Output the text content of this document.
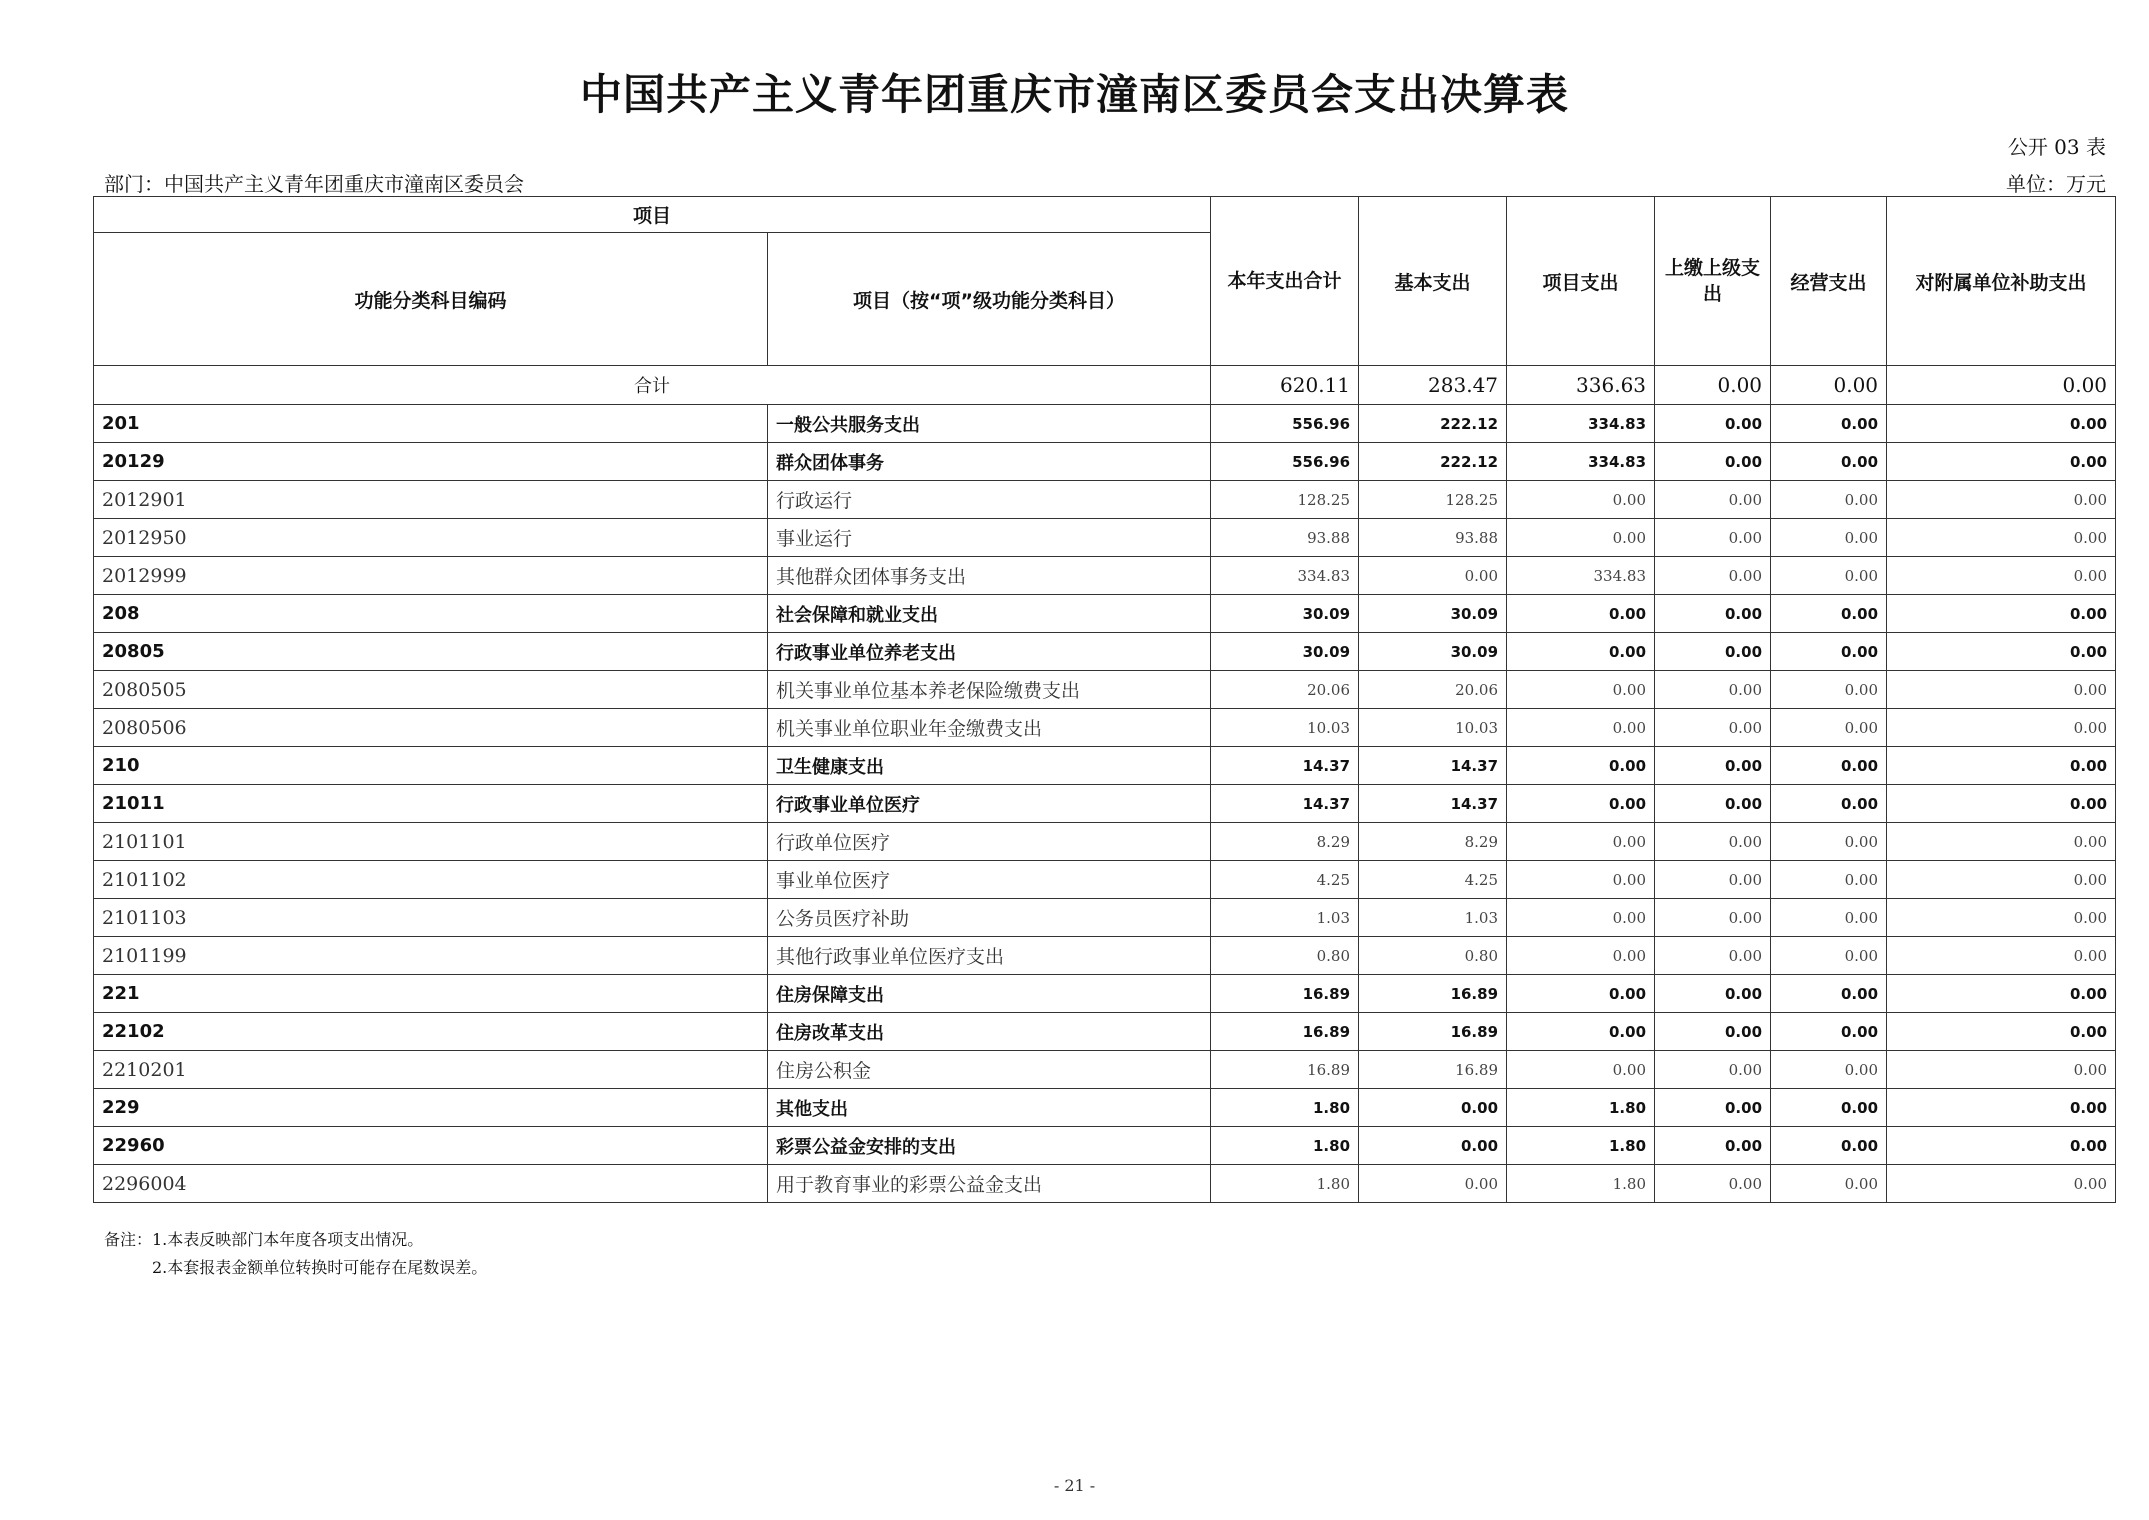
中国共产主义青年团重庆市潼南区委员会支出决算表
公开 03 表
部门：中国共产主义青年团重庆市潼南区委员会	单位：万元
项目		本年支出合计	基本支出	项目支出	上缴上级支出	经营支出	对附属单位补助支出
功能分类科目编码	项目（按“项”级功能分类科目）						
合计		620.11	283.47	336.63	0.00	0.00	0.00
201	一般公共服务支出	556.96	222.12	334.83	0.00	0.00	0.00
20129	群众团体事务	556.96	222.12	334.83	0.00	0.00	0.00
2012901	行政运行	128.25	128.25	0.00	0.00	0.00	0.00
2012950	事业运行	93.88	93.88	0.00	0.00	0.00	0.00
2012999	其他群众团体事务支出	334.83	0.00	334.83	0.00	0.00	0.00
208	社会保障和就业支出	30.09	30.09	0.00	0.00	0.00	0.00
20805	行政事业单位养老支出	30.09	30.09	0.00	0.00	0.00	0.00
2080505	机关事业单位基本养老保险缴费支出	20.06	20.06	0.00	0.00	0.00	0.00
2080506	机关事业单位职业年金缴费支出	10.03	10.03	0.00	0.00	0.00	0.00
210	卫生健康支出	14.37	14.37	0.00	0.00	0.00	0.00
21011	行政事业单位医疗	14.37	14.37	0.00	0.00	0.00	0.00
2101101	行政单位医疗	8.29	8.29	0.00	0.00	0.00	0.00
2101102	事业单位医疗	4.25	4.25	0.00	0.00	0.00	0.00
2101103	公务员医疗补助	1.03	1.03	0.00	0.00	0.00	0.00
2101199	其他行政事业单位医疗支出	0.80	0.80	0.00	0.00	0.00	0.00
221	住房保障支出	16.89	16.89	0.00	0.00	0.00	0.00
22102	住房改革支出	16.89	16.89	0.00	0.00	0.00	0.00
2210201	住房公积金	16.89	16.89	0.00	0.00	0.00	0.00
229	其他支出	1.80	0.00	1.80	0.00	0.00	0.00
22960	彩票公益金安排的支出	1.80	0.00	1.80	0.00	0.00	0.00
2296004	用于教育事业的彩票公益金支出	1.80	0.00	1.80	0.00	0.00	0.00
备注：1.本表反映部门本年度各项支出情况。
2.本套报表金额单位转换时可能存在尾数误差。
- 21 -
